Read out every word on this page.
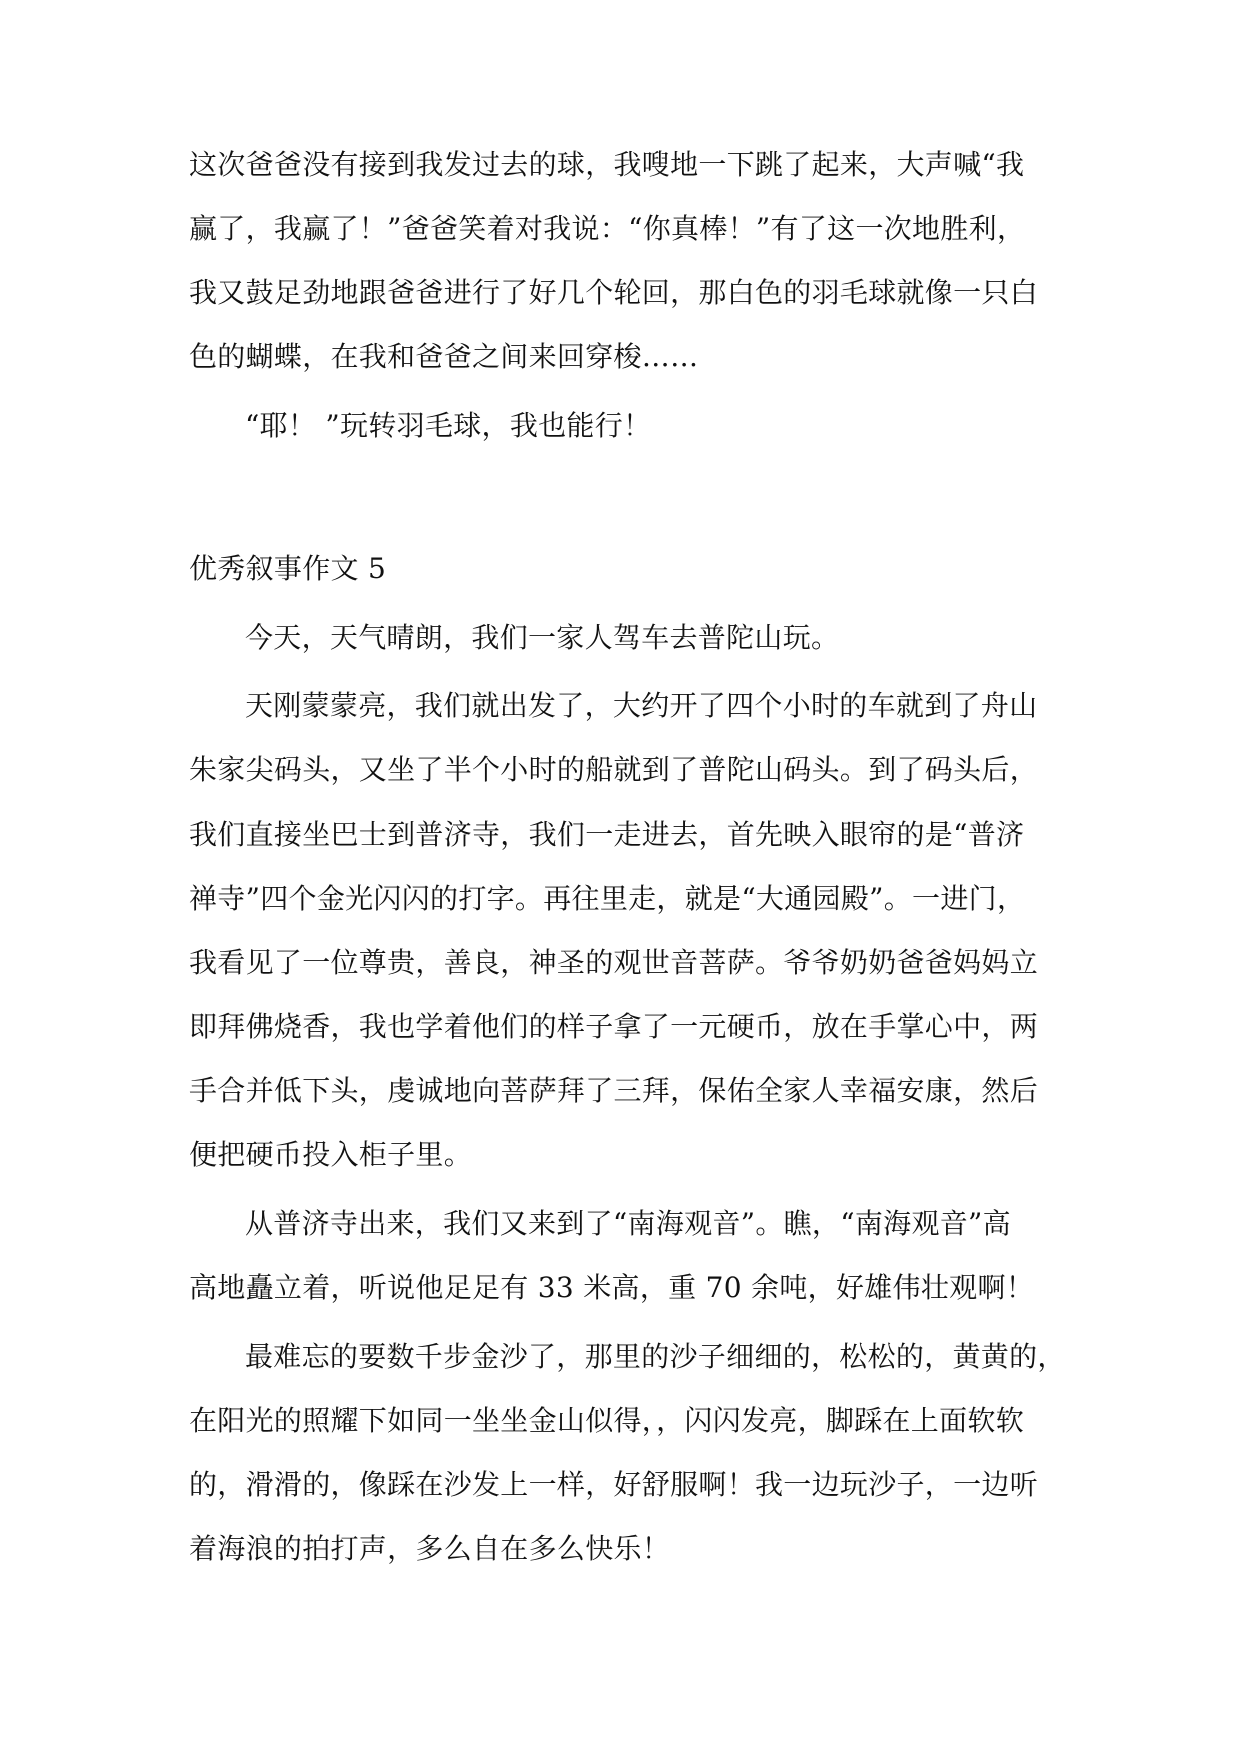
这次爸爸没有接到我发过去的球，我嗖地一下跳了起来，大声喊“我
赢了，我赢了！”爸爸笑着对我说：“你真棒！”有了这一次地胜利，
我又鼓足劲地跟爸爸进行了好几个轮回，那白色的羽毛球就像一只白
色的蝴蝶，在我和爸爸之间来回穿梭……
“耶！ ”玩转羽毛球，我也能行！
优秀叙事作文 5
今天，天气晴朗，我们一家人驾车去普陀山玩。
天刚蒙蒙亮，我们就出发了，大约开了四个小时的车就到了舟山
朱家尖码头，又坐了半个小时的船就到了普陀山码头。到了码头后，
我们直接坐巴士到普济寺，我们一走进去，首先映入眼帘的是“普济
禅寺”四个金光闪闪的打字。再往里走，就是“大通园殿”。一进门，
我看见了一位尊贵，善良，神圣的观世音菩萨。爷爷奶奶爸爸妈妈立
即拜佛烧香，我也学着他们的样子拿了一元硬币，放在手掌心中，两
手合并低下头，虔诚地向菩萨拜了三拜，保佑全家人幸福安康，然后
便把硬币投入柜子里。
从普济寺出来，我们又来到了“南海观音”。瞧，“南海观音”高
高地矗立着，听说他足足有 33 米高，重 70 余吨，好雄伟壮观啊！
最难忘的要数千步金沙了，那里的沙子细细的，松松的，黄黄的，
在阳光的照耀下如同一坐坐金山似得，，闪闪发亮，脚踩在上面软软
的，滑滑的，像踩在沙发上一样，好舒服啊！我一边玩沙子，一边听
着海浪的拍打声，多么自在多么快乐！
